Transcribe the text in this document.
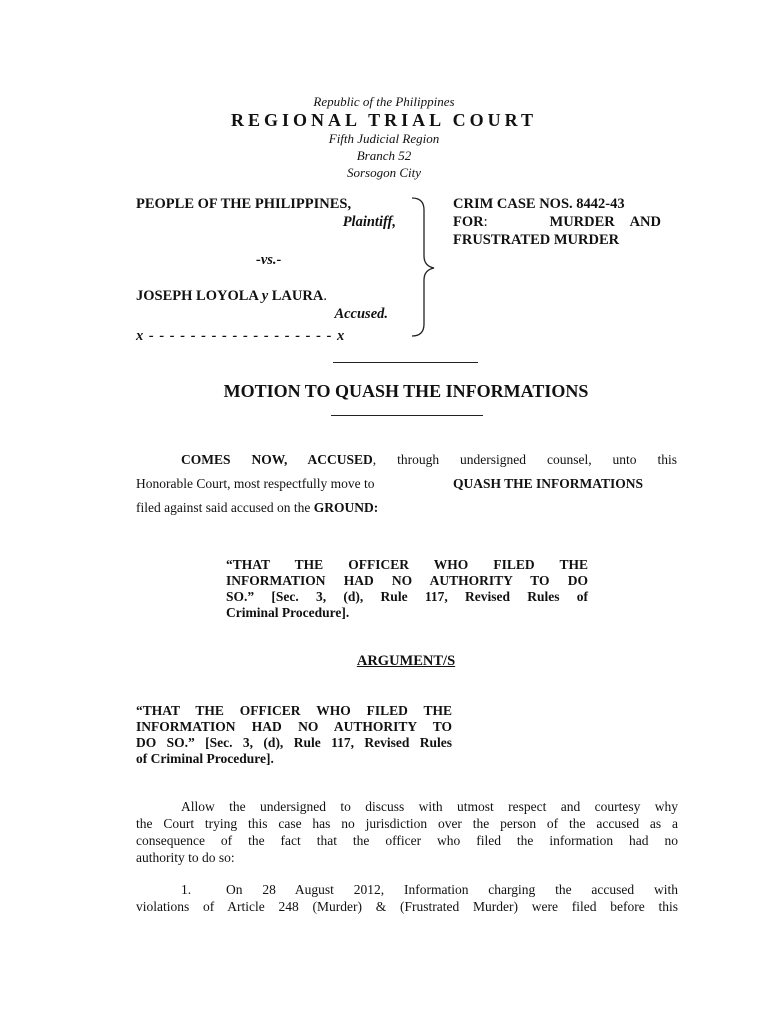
Republic of the Philippines
REGIONAL TRIAL COURT
Fifth Judicial Region
Branch 52
Sorsogon City
PEOPLE OF THE PHILIPPINES,
Plaintiff,
-vs.-
JOSEPH LOYOLA y LAURA.
Accused.
x - - - - - - - - - - - - - - - - - - x
CRIM CASE NOS. 8442-43
FOR:	MURDER AND
FRUSTRATED MURDER
MOTION TO QUASH THE INFORMATIONS
COMES NOW, ACCUSED, through undersigned counsel, unto this
Honorable Court, most respectfully move to	QUASH THE INFORMATIONS
filed against said accused on the GROUND:
“THAT THE OFFICER WHO FILED THE
INFORMATION HAD NO AUTHORITY TO DO
SO.” [Sec. 3, (d), Rule 117, Revised Rules of
Criminal Procedure].
ARGUMENT/S
“THAT THE OFFICER WHO FILED THE
INFORMATION HAD NO AUTHORITY TO
DO SO.” [Sec. 3, (d), Rule 117, Revised Rules
of Criminal Procedure].
Allow the undersigned to discuss with utmost respect and courtesy why
the Court trying this case has no jurisdiction over the person of the accused as a
consequence of the fact that the officer who filed the information had no
authority to do so:
1.	On 28 August 2012, Information charging the accused with
violations of Article 248 (Murder) & (Frustrated Murder) were filed before this
